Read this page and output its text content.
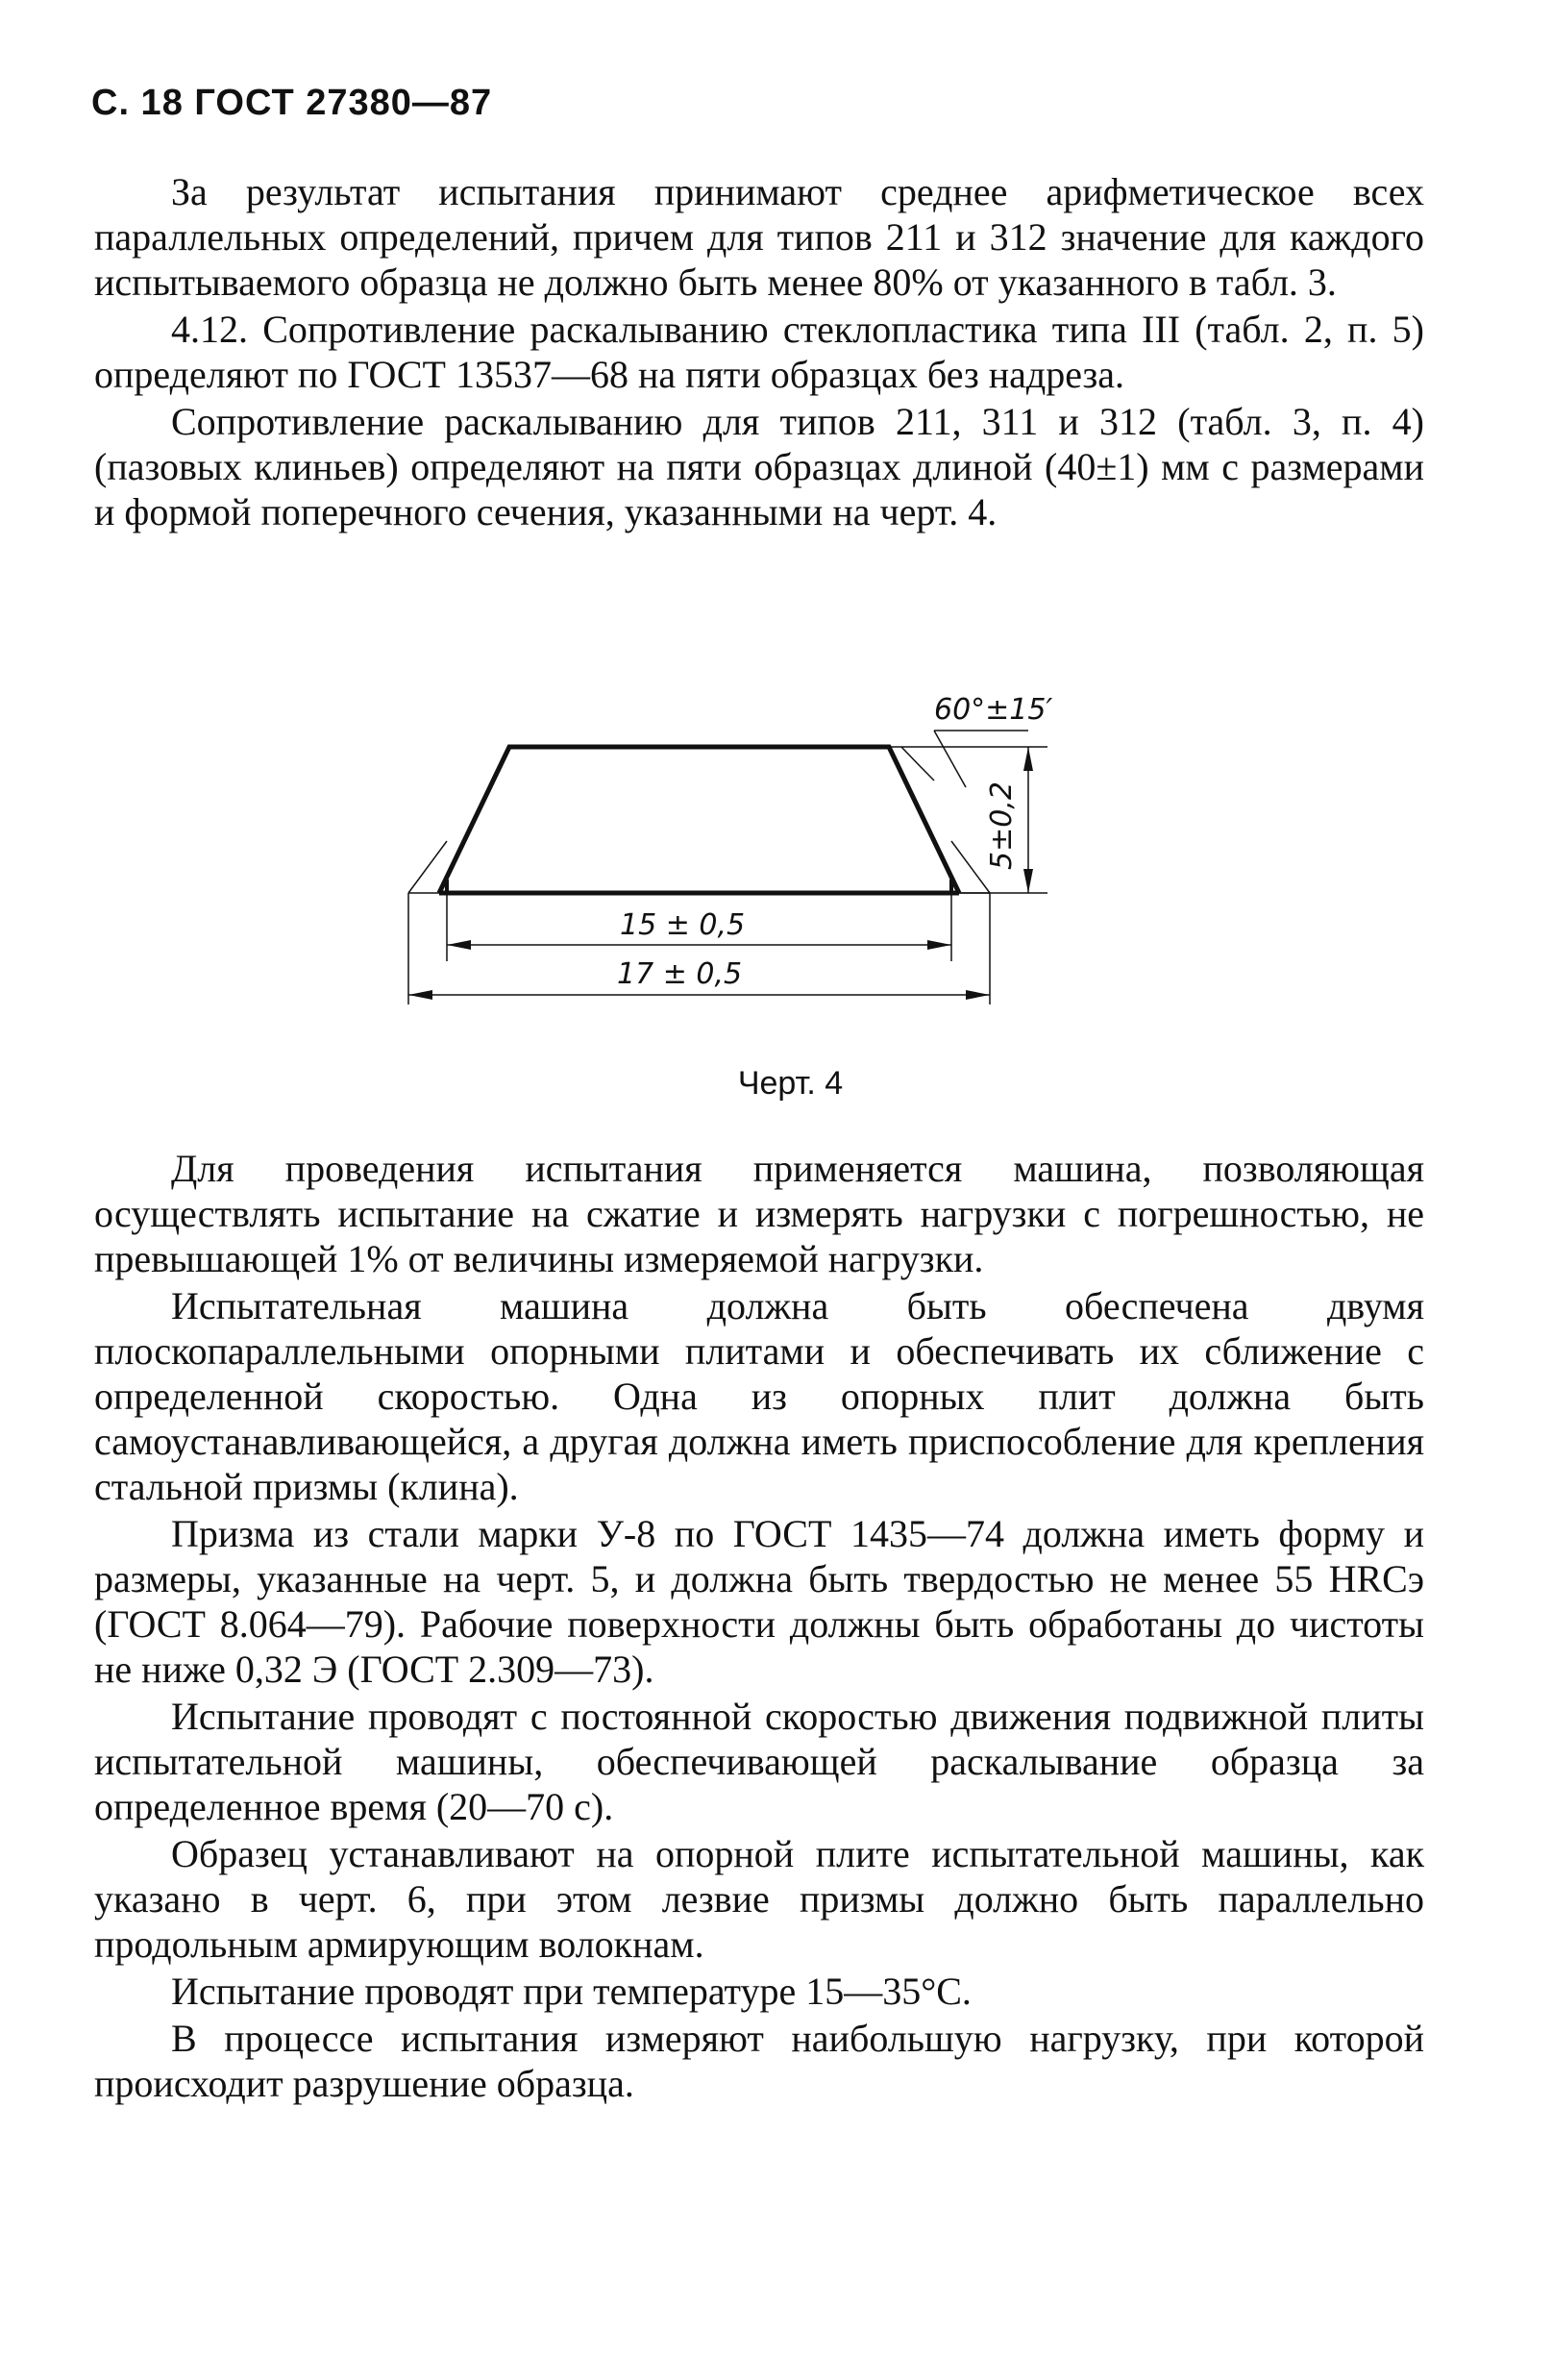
С. 18 ГОСТ 27380—87

За результат испытания принимают среднее арифметическое всех параллельных определений, причем для типов 211 и 312 значение для каждого испытываемого образца не должно быть менее 80% от указанного в табл. 3.

4.12. Сопротивление раскалыванию стеклопластика типа III (табл. 2, п. 5) определяют по ГОСТ 13537—68 на пяти образцах без надреза.

Сопротивление раскалыванию для типов 211, 311 и 312 (табл. 3, п. 4) (пазовых клиньев) определяют на пяти образцах длиной (40±1) мм с размерами и формой поперечного сечения, указанными на черт. 4.

15 ± 0,5
17 ± 0,5
5±0,2
60°±15′
Черт. 4

Для проведения испытания применяется машина, позволяющая осуществлять испытание на сжатие и измерять нагрузки с погрешностью, не превышающей 1% от величины измеряемой нагрузки.

Испытательная машина должна быть обеспечена двумя плоскопараллельными опорными плитами и обеспечивать их сближение с определенной скоростью. Одна из опорных плит должна быть самоустанавливающейся, а другая должна иметь приспособление для крепления стальной призмы (клина).

Призма из стали марки У-8 по ГОСТ 1435—74 должна иметь форму и размеры, указанные на черт. 5, и должна быть твердостью не менее 55 HRCэ (ГОСТ 8.064—79). Рабочие поверхности должны быть обработаны до чистоты не ниже 0,32 Э (ГОСТ 2.309—73).

Испытание проводят с постоянной скоростью движения подвижной плиты испытательной машины, обеспечивающей раскалывание образца за определенное время (20—70 с).

Образец устанавливают на опорной плите испытательной машины, как указано в черт. 6, при этом лезвие призмы должно быть параллельно продольным армирующим волокнам.

Испытание проводят при температуре 15—35°С.

В процессе испытания измеряют наибольшую нагрузку, при которой происходит разрушение образца.
